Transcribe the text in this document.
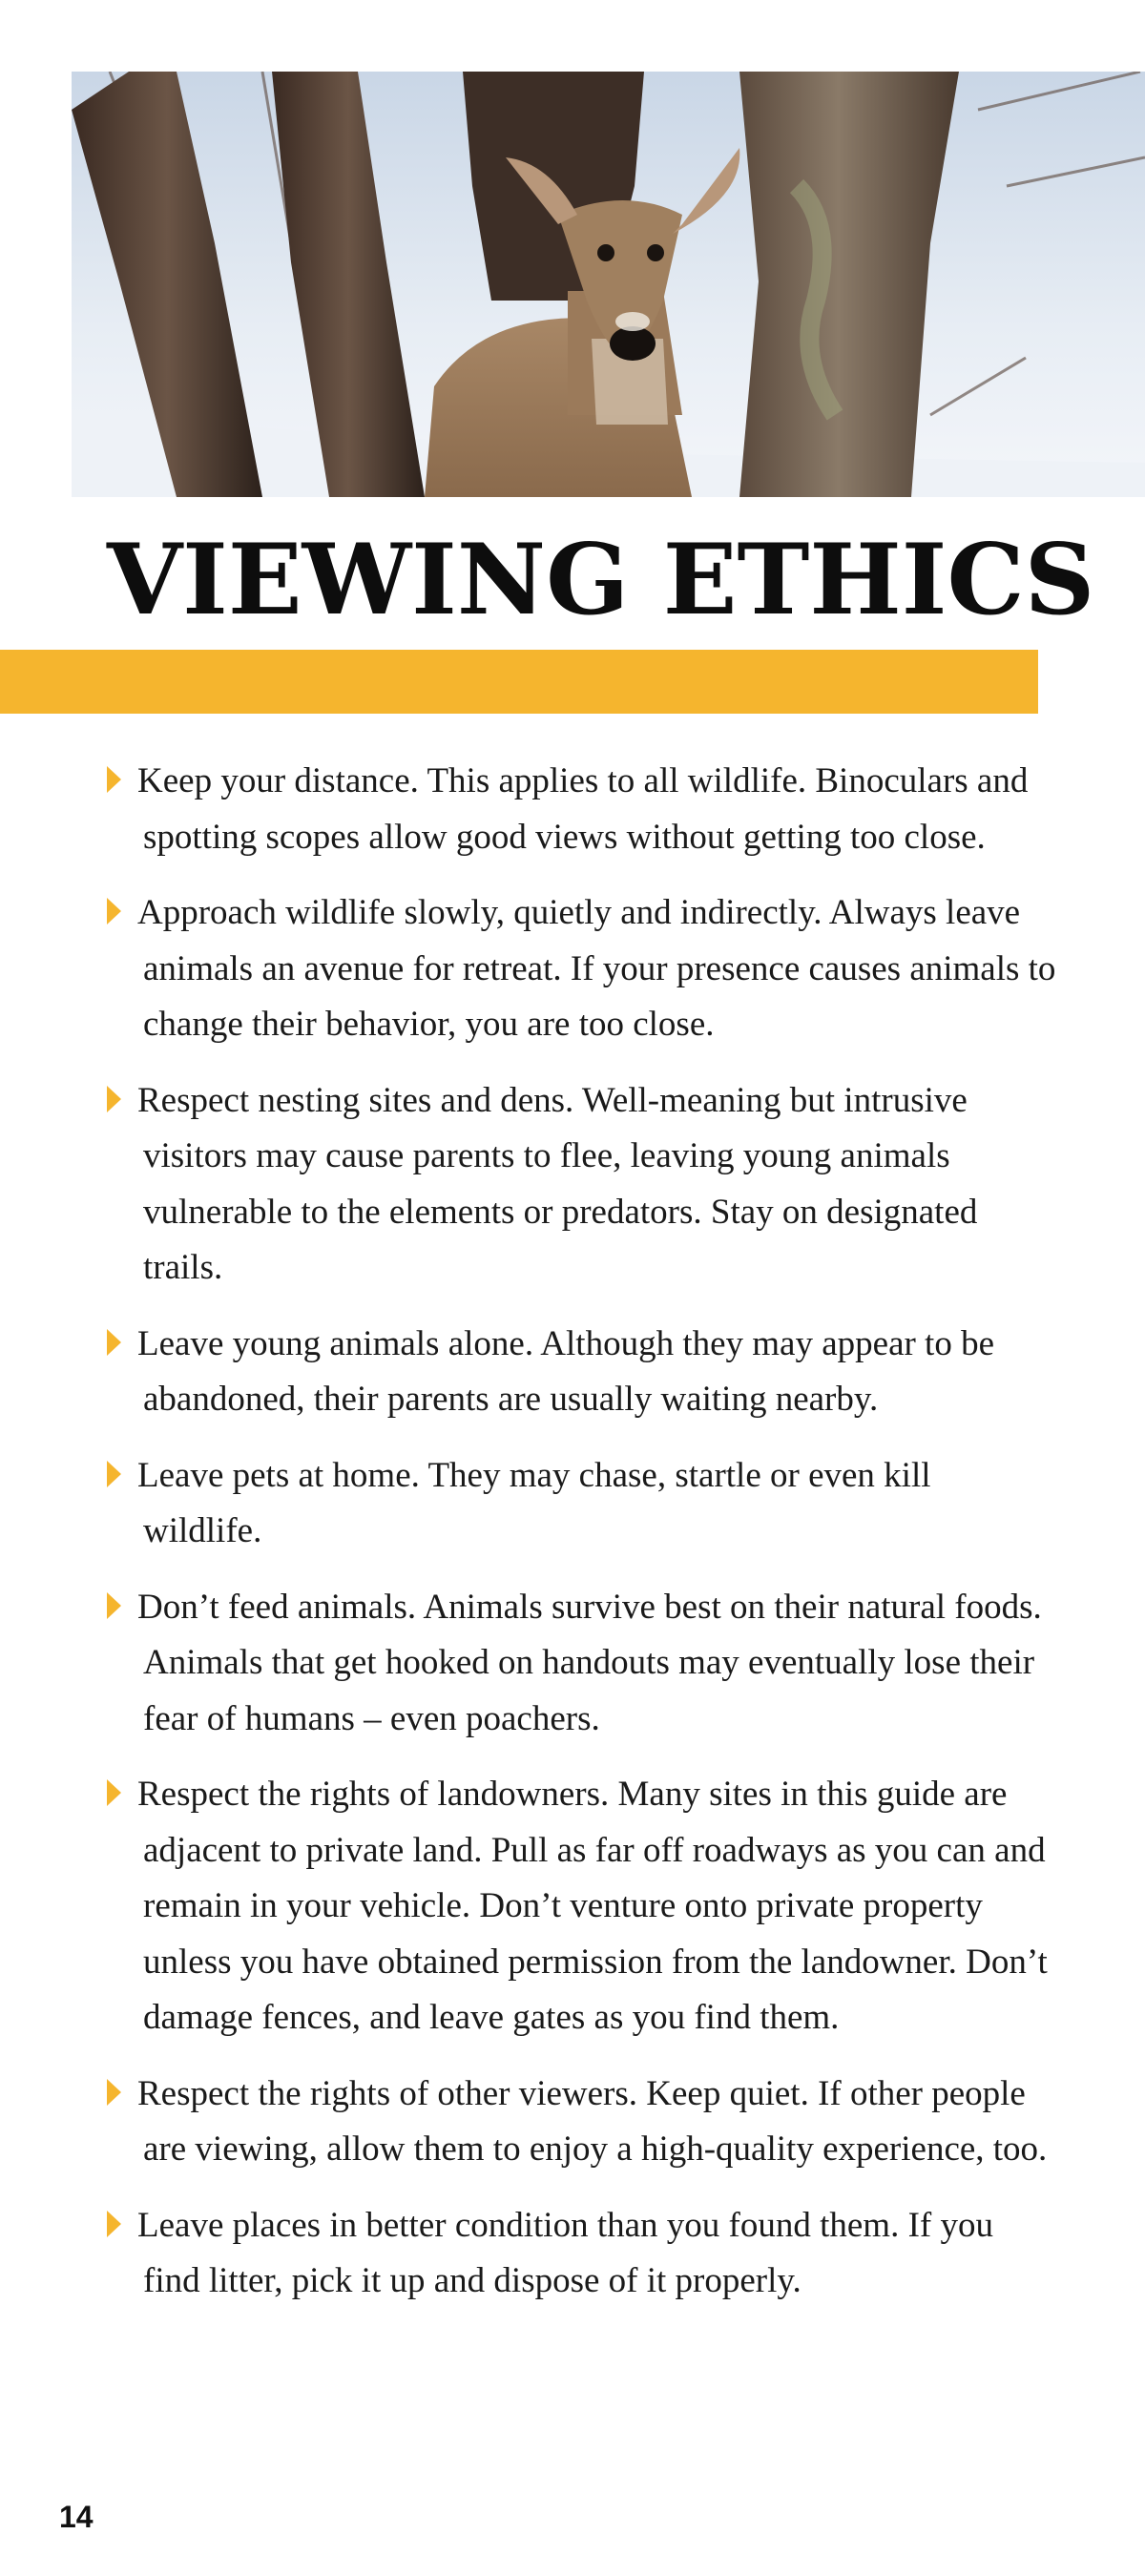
VIEWING ETHICS
Keep your distance. This applies to all wildlife. Binoculars and spotting scopes allow good views without getting too close.
Approach wildlife slowly, quietly and indirectly. Always leave animals an avenue for retreat. If your presence causes animals to change their behavior, you are too close.
Respect nesting sites and dens. Well-meaning but intrusive visitors may cause parents to flee, leaving young animals vulnerable to the elements or predators. Stay on designated trails.
Leave young animals alone. Although they may appear to be abandoned, their parents are usually waiting nearby.
Leave pets at home. They may chase, startle or even kill wildlife.
Don’t feed animals. Animals survive best on their natural foods. Animals that get hooked on handouts may eventually lose their fear of humans – even poachers.
Respect the rights of landowners. Many sites in this guide are adjacent to private land. Pull as far off roadways as you can and remain in your vehicle. Don’t venture onto private property unless you have obtained permission from the landowner. Don’t damage fences, and leave gates as you find them.
Respect the rights of other viewers. Keep quiet. If other people are viewing, allow them to enjoy a high-quality experience, too.
Leave places in better condition than you found them. If you find litter, pick it up and dispose of it properly.
14
